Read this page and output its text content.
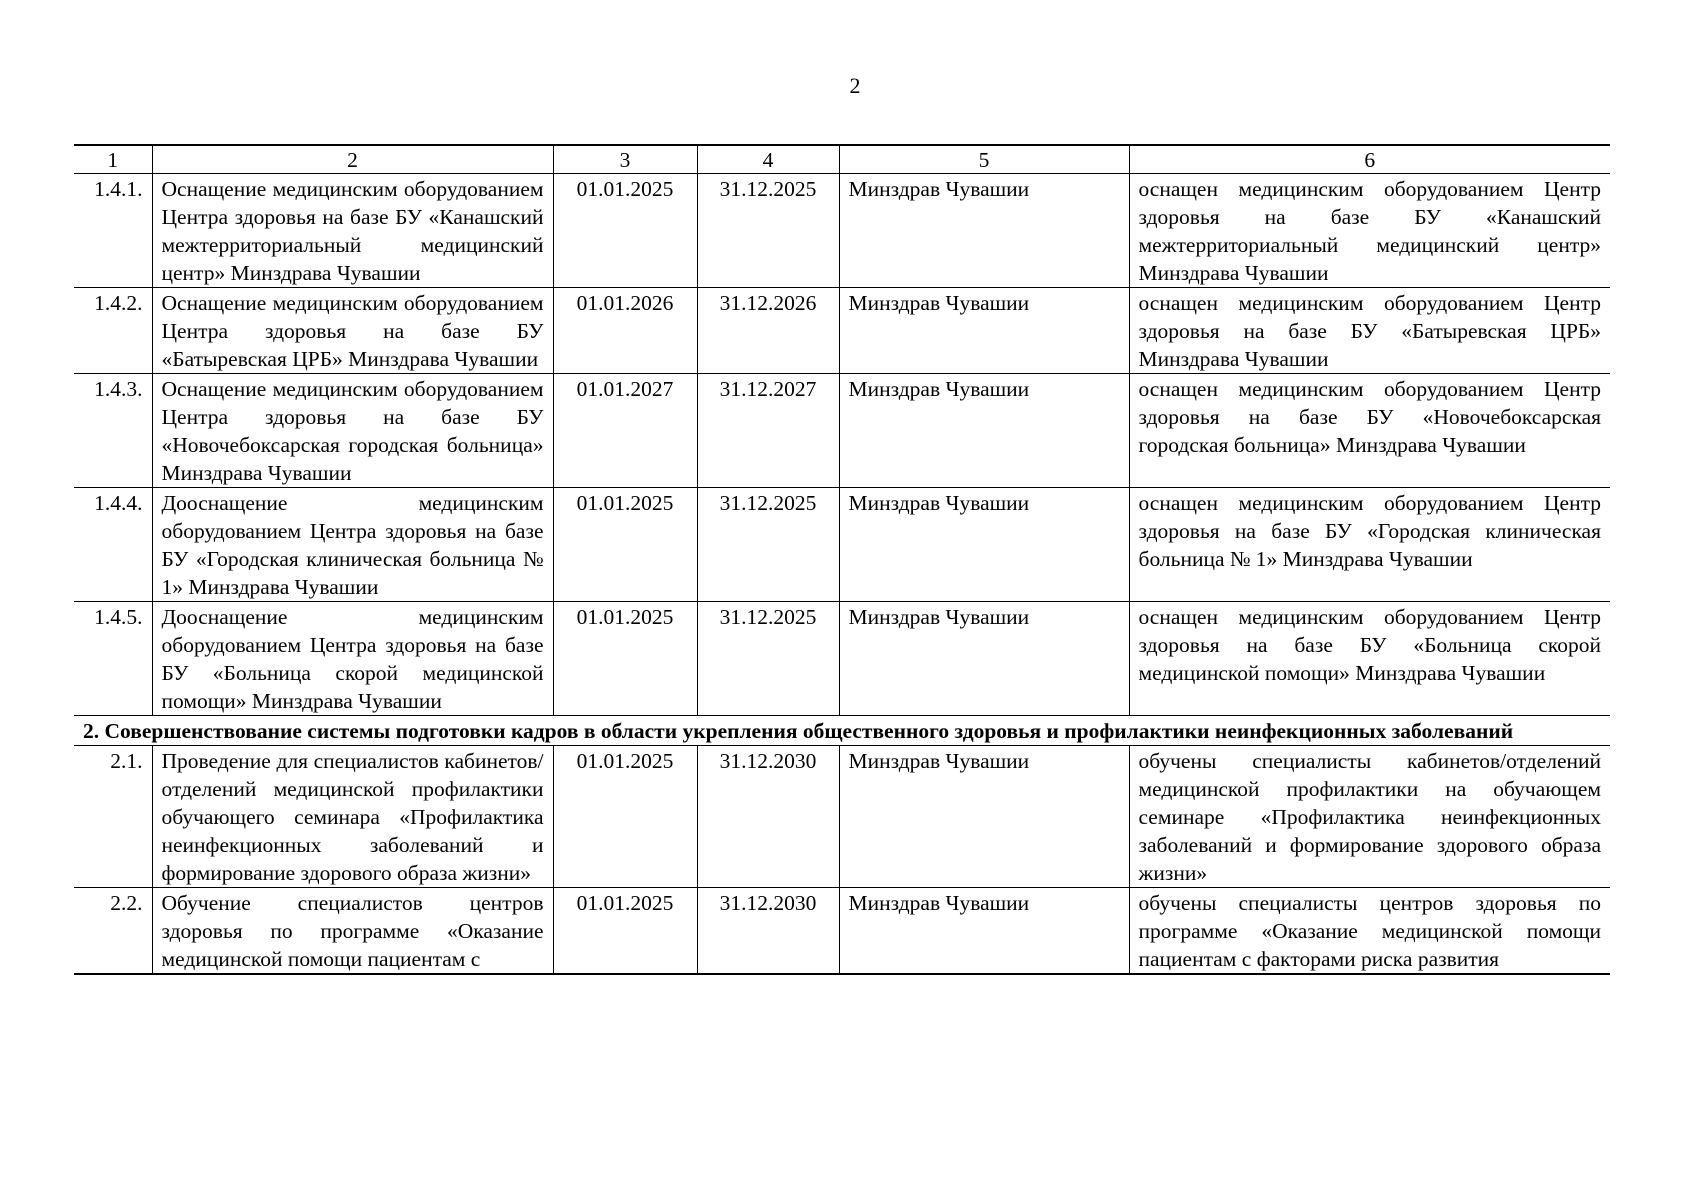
2
1	2	3	4	5	6
1.4.1.	Оснащение медицинским оборудованием Центра здоровья на базе БУ «Канашский межтерриториальный медицинский центр» Минздрава Чувашии	01.01.2025	31.12.2025	Минздрав Чувашии	оснащен медицинским оборудованием Центр здоровья на базе БУ «Канашский межтерриториальный медицинский центр» Минздрава Чувашии
1.4.2.	Оснащение медицинским оборудованием Центра здоровья на базе БУ «Батыревская ЦРБ» Минздрава Чувашии	01.01.2026	31.12.2026	Минздрав Чувашии	оснащен медицинским оборудованием Центр здоровья на базе БУ «Батыревская ЦРБ» Минздрава Чувашии
1.4.3.	Оснащение медицинским оборудованием Центра здоровья на базе БУ «Новочебоксарская городская больница» Минздрава Чувашии	01.01.2027	31.12.2027	Минздрав Чувашии	оснащен медицинским оборудованием Центр здоровья на базе БУ «Новочебоксарская городская больница» Минздрава Чувашии
1.4.4.	Дооснащение медицинским оборудованием Центра здоровья на базе БУ «Городская клиническая больница № 1» Минздрава Чувашии	01.01.2025	31.12.2025	Минздрав Чувашии	оснащен медицинским оборудованием Центр здоровья на базе БУ «Городская клиническая больница № 1» Минздрава Чувашии
1.4.5.	Дооснащение медицинским оборудованием Центра здоровья на базе БУ «Больница скорой медицинской помощи» Минздрава Чувашии	01.01.2025	31.12.2025	Минздрав Чувашии	оснащен медицинским оборудованием Центр здоровья на базе БУ «Больница скорой медицинской помощи» Минздрава Чувашии
2. Совершенствование системы подготовки кадров в области укрепления общественного здоровья и профилактики неинфекционных заболеваний					
2.1.	Проведение для специалистов кабинетов/отделений медицинской профилактики обучающего семинара «Профилактика неинфекционных заболеваний и формирование здорового образа жизни»	01.01.2025	31.12.2030	Минздрав Чувашии	обучены специалисты кабинетов/отделений медицинской профилактики на обучающем семинаре «Профилактика неинфекционных заболеваний и формирование здорового образа жизни»
2.2.	Обучение специалистов центров здоровья по программе «Оказание медицинской помощи пациентам с	01.01.2025	31.12.2030	Минздрав Чувашии	обучены специалисты центров здоровья по программе «Оказание медицинской помощи пациентам с факторами риска развития
